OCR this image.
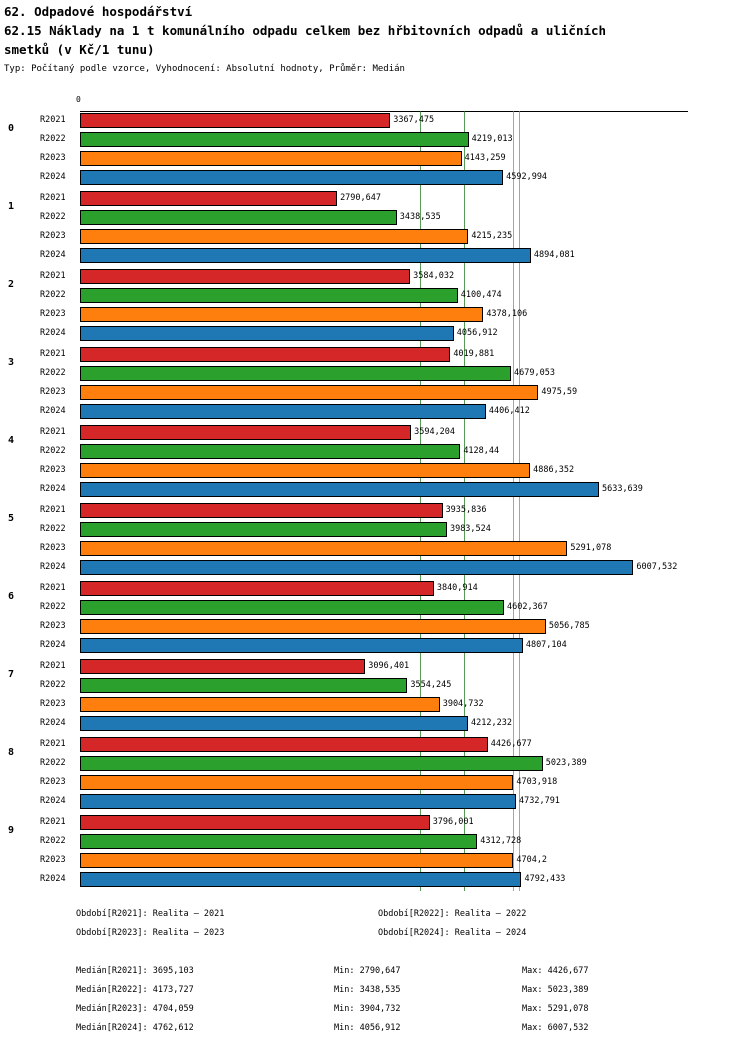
62. Odpadové hospodářství
62.15 Náklady na 1 t komunálního odpadu celkem bez hřbitovních odpadů a uličních
smetků (v Kč/1 tunu)
Typ: Počítaný podle vzorce, Vyhodnocení: Absolutní hodnoty, Průměr: Medián
0
0
R2021	3367,475
R2022	4219,013
R2023	4143,259
R2024	4592,994
1
R2021	2790,647
R2022	3438,535
R2023	4215,235
R2024	4894,081
2
R2021	3584,032
R2022	4100,474
R2023	4378,106
R2024	4056,912
3
R2021	4019,881
R2022	4679,053
R2023	4975,59
R2024	4406,412
4
R2021	3594,204
R2022	4128,44
R2023	4886,352
R2024	5633,639
5
R2021	3935,836
R2022	3983,524
R2023	5291,078
R2024	6007,532
6
R2021	3840,914
R2022	4602,367
R2023	5056,785
R2024	4807,104
7
R2021	3096,401
R2022	3554,245
R2023	3904,732
R2024	4212,232
8
R2021	4426,677
R2022	5023,389
R2023	4703,918
R2024	4732,791
9
R2021	3796,001
R2022	4312,728
R2023	4704,2
R2024	4792,433
Období[R2021]: Realita – 2021	Období[R2022]: Realita – 2022
Období[R2023]: Realita – 2023	Období[R2024]: Realita – 2024
Medián[R2021]: 3695,103	Min: 2790,647	Max: 4426,677
Medián[R2022]: 4173,727	Min: 3438,535	Max: 5023,389
Medián[R2023]: 4704,059	Min: 3904,732	Max: 5291,078
Medián[R2024]: 4762,612	Min: 4056,912	Max: 6007,532
